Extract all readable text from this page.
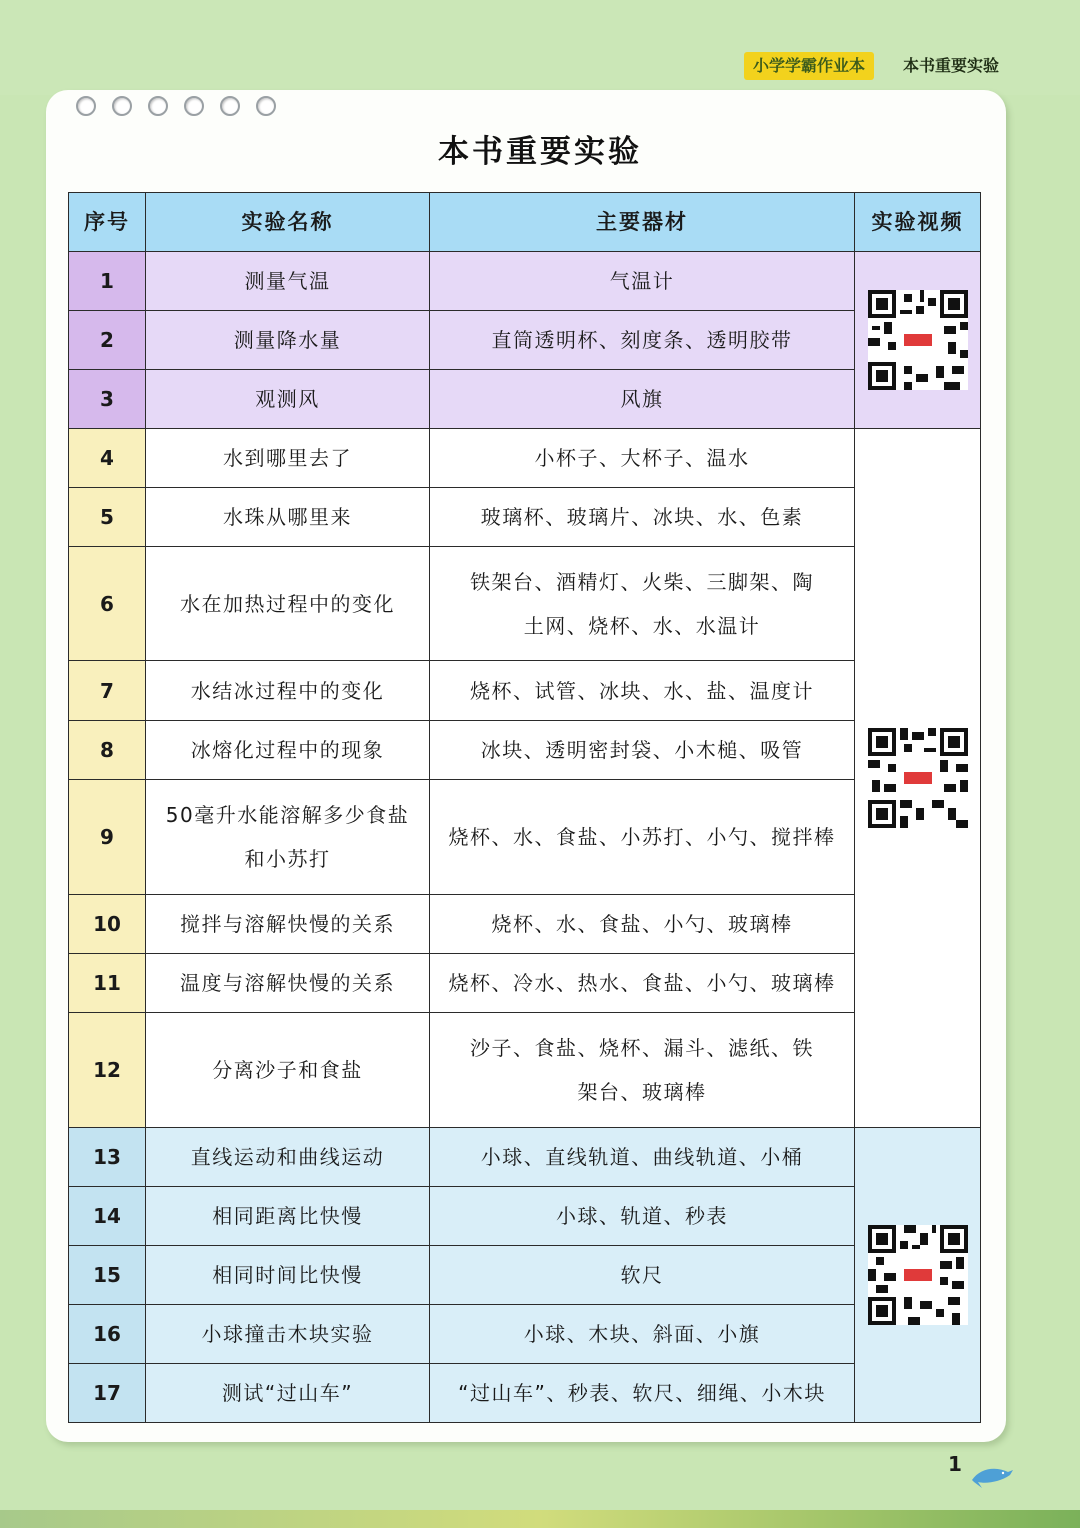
小学学霸作业本	本书重要实验
本书重要实验
序号	实验名称	主要器材	实验视频
1	测量气温	气温计	

2	测量降水量	直筒透明杯、刻度条、透明胶带	
3	观测风	风旗	
4	水到哪里去了	小杯子、大杯子、温水	

5	水珠从哪里来	玻璃杯、玻璃片、冰块、水、色素	
6	水在加热过程中的变化	铁架台、酒精灯、火柴、三脚架、陶土网、烧杯、水、水温计	
7	水结冰过程中的变化	烧杯、试管、冰块、水、盐、温度计	
8	冰熔化过程中的现象	冰块、透明密封袋、小木槌、吸管	
9	50毫升水能溶解多少食盐和小苏打	烧杯、水、食盐、小苏打、小勺、搅拌棒	
10	搅拌与溶解快慢的关系	烧杯、水、食盐、小勺、玻璃棒	
11	温度与溶解快慢的关系	烧杯、冷水、热水、食盐、小勺、玻璃棒	
12	分离沙子和食盐	沙子、食盐、烧杯、漏斗、滤纸、铁架台、玻璃棒	
13	直线运动和曲线运动	小球、直线轨道、曲线轨道、小桶	

14	相同距离比快慢	小球、轨道、秒表	
15	相同时间比快慢	软尺	
16	小球撞击木块实验	小球、木块、斜面、小旗	
17	测试“过山车”	“过山车”、秒表、软尺、细绳、小木块	
1
